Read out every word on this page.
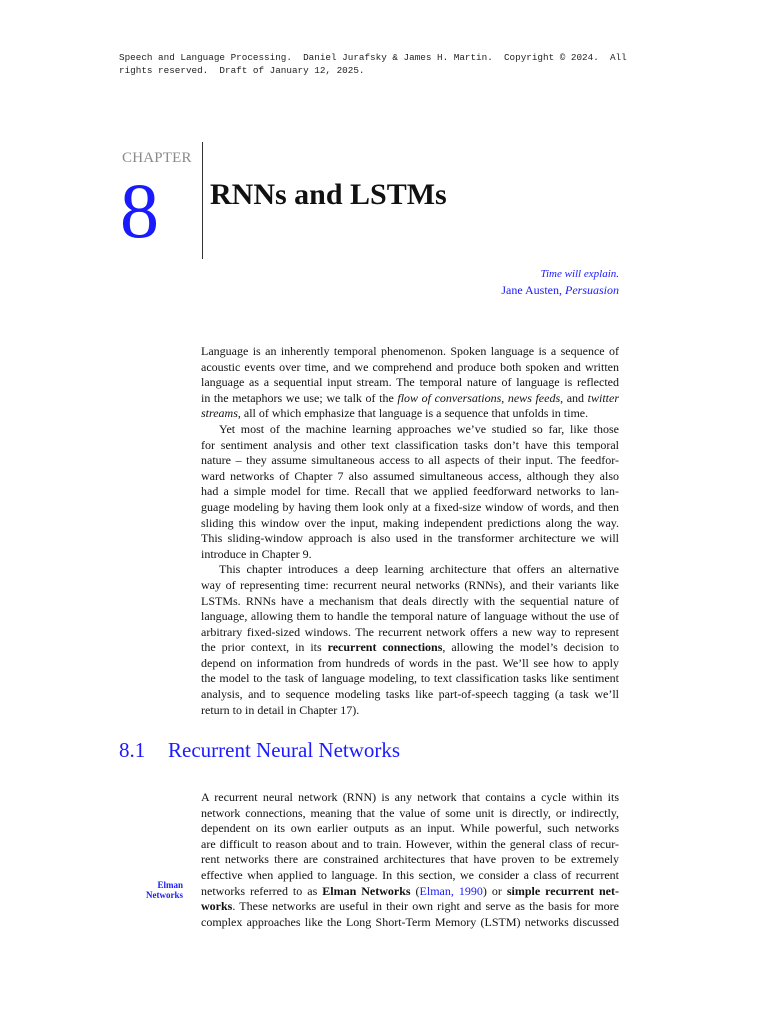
Speech and Language Processing.  Daniel Jurafsky & James H. Martin.  Copyright © 2024.  All
rights reserved.  Draft of January 12, 2025.
CHAPTER
8 RNNs and LSTMs
Time will explain.
Jane Austen, Persuasion
Language is an inherently temporal phenomenon. Spoken language is a sequence of
acoustic events over time, and we comprehend and produce both spoken and written
language as a sequential input stream. The temporal nature of language is reflected
in the metaphors we use; we talk of the flow of conversations, news feeds, and twitter
streams, all of which emphasize that language is a sequence that unfolds in time.
Yet most of the machine learning approaches we’ve studied so far, like those
for sentiment analysis and other text classification tasks don’t have this temporal
nature – they assume simultaneous access to all aspects of their input. The feedfor-
ward networks of Chapter 7 also assumed simultaneous access, although they also
had a simple model for time. Recall that we applied feedforward networks to lan-
guage modeling by having them look only at a fixed-size window of words, and then
sliding this window over the input, making independent predictions along the way.
This sliding-window approach is also used in the transformer architecture we will
introduce in Chapter 9.
This chapter introduces a deep learning architecture that offers an alternative
way of representing time: recurrent neural networks (RNNs), and their variants like
LSTMs. RNNs have a mechanism that deals directly with the sequential nature of
language, allowing them to handle the temporal nature of language without the use of
arbitrary fixed-sized windows. The recurrent network offers a new way to represent
the prior context, in its recurrent connections, allowing the model’s decision to
depend on information from hundreds of words in the past. We’ll see how to apply
the model to the task of language modeling, to text classification tasks like sentiment
analysis, and to sequence modeling tasks like part-of-speech tagging (a task we’ll
return to in detail in Chapter 17).
8.1 Recurrent Neural Networks
Elman
Networks
A recurrent neural network (RNN) is any network that contains a cycle within its
network connections, meaning that the value of some unit is directly, or indirectly,
dependent on its own earlier outputs as an input. While powerful, such networks
are difficult to reason about and to train. However, within the general class of recur-
rent networks there are constrained architectures that have proven to be extremely
effective when applied to language. In this section, we consider a class of recurrent
networks referred to as Elman Networks (Elman, 1990) or simple recurrent net-
works. These networks are useful in their own right and serve as the basis for more
complex approaches like the Long Short-Term Memory (LSTM) networks discussed
